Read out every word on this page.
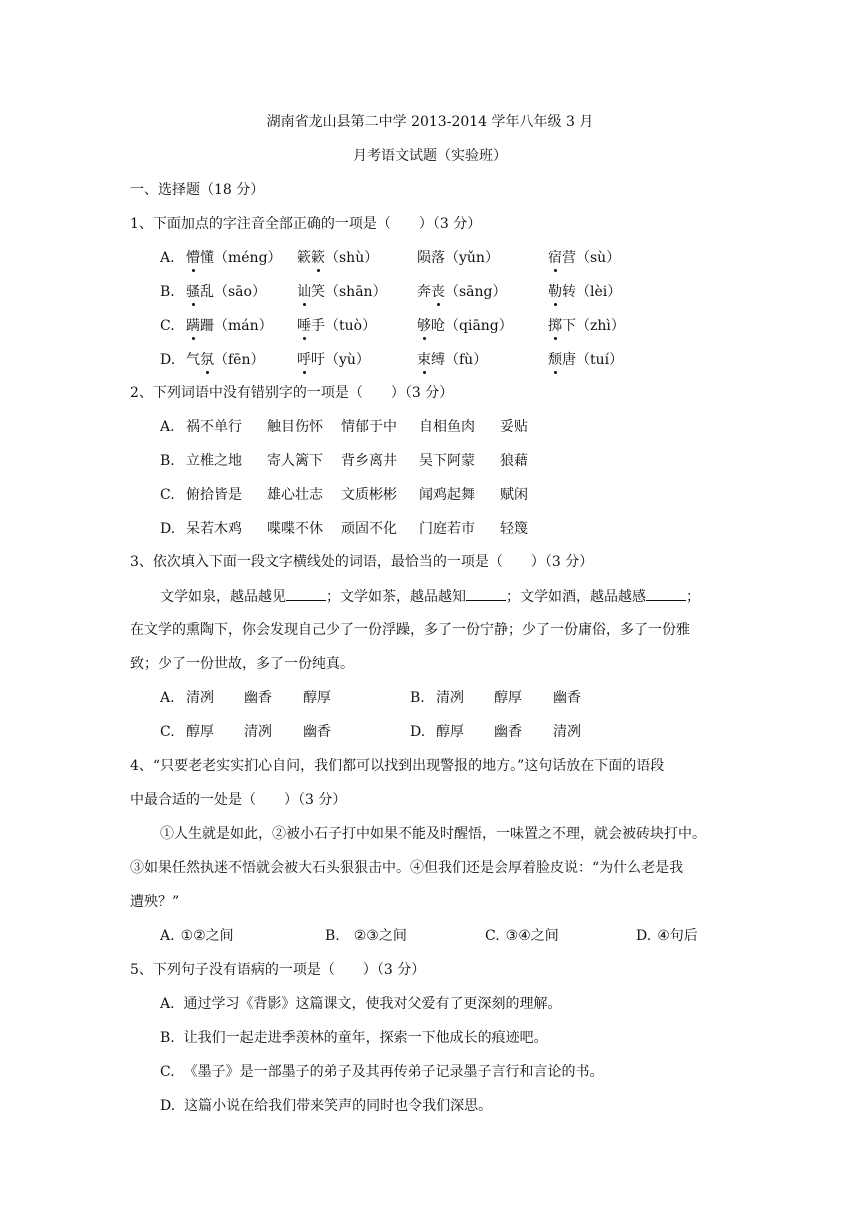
湖南省龙山县第二中学 2013-2014 学年八年级 3 月
月考语文试题（实验班）
一、选择题（18 分）
1、下面加点的字注音全部正确的一项是（　　）（3 分）
A. 懵懂（méng） 簌簌（shù）	陨落（yǔn）	宿营（sù）
B. 骚乱（sāo） 讪笑（shān） 奔丧（sāng）	勒转（lèi）
C. 蹒跚（mán） 唾手（tuò）	够呛（qiāng）	掷下（zhì）
D. 气氛（fēn） 呼吁（yù）	束缚（fù）	颓唐（tuí）
2、下列词语中没有错别字的一项是（　　）（3 分）
A. 祸不单行 触目伤怀 情郁于中 自相鱼肉 妥贴
B. 立椎之地 寄人篱下 背乡离井 吴下阿蒙 狼藉
C. 俯拾皆是 雄心壮志 文质彬彬 闻鸡起舞 赋闲
D. 呆若木鸡 喋喋不休 顽固不化 门庭若市 轻篾
3、依次填入下面一段文字横线处的词语，最恰当的一项是（　　）（3 分）
文学如泉，越品越见	；文学如茶，越品越知	；文学如酒，越品越感	；
在文学的熏陶下，你会发现自己少了一份浮躁，多了一份宁静；少了一份庸俗，多了一份雅
致；少了一份世故，多了一份纯真。
A. 清冽 幽香 醇厚	B. 清冽 醇厚 幽香
C. 醇厚 清冽 幽香	D. 醇厚 幽香 清冽
4、“只要老老实实扪心自问，我们都可以找到出现警报的地方。”这句话放在下面的语段
中最合适的一处是（　　）（3 分）
①人生就是如此，②被小石子打中如果不能及时醒悟，一味置之不理，就会被砖块打中。
③如果任然执迷不悟就会被大石头狠狠击中。④但我们还是会厚着脸皮说：“为什么老是我
遭殃？”
A. ①②之间	B. ②③之间	C. ③④之间	D. ④句后
5、下列句子没有语病的一项是（　　）（3 分）
A.  通过学习《背影》这篇课文，使我对父爱有了更深刻的理解。
B.  让我们一起走进季羡林的童年，探索一下他成长的痕迹吧。
C.  《墨子》是一部墨子的弟子及其再传弟子记录墨子言行和言论的书。
D.  这篇小说在给我们带来笑声的同时也令我们深思。
